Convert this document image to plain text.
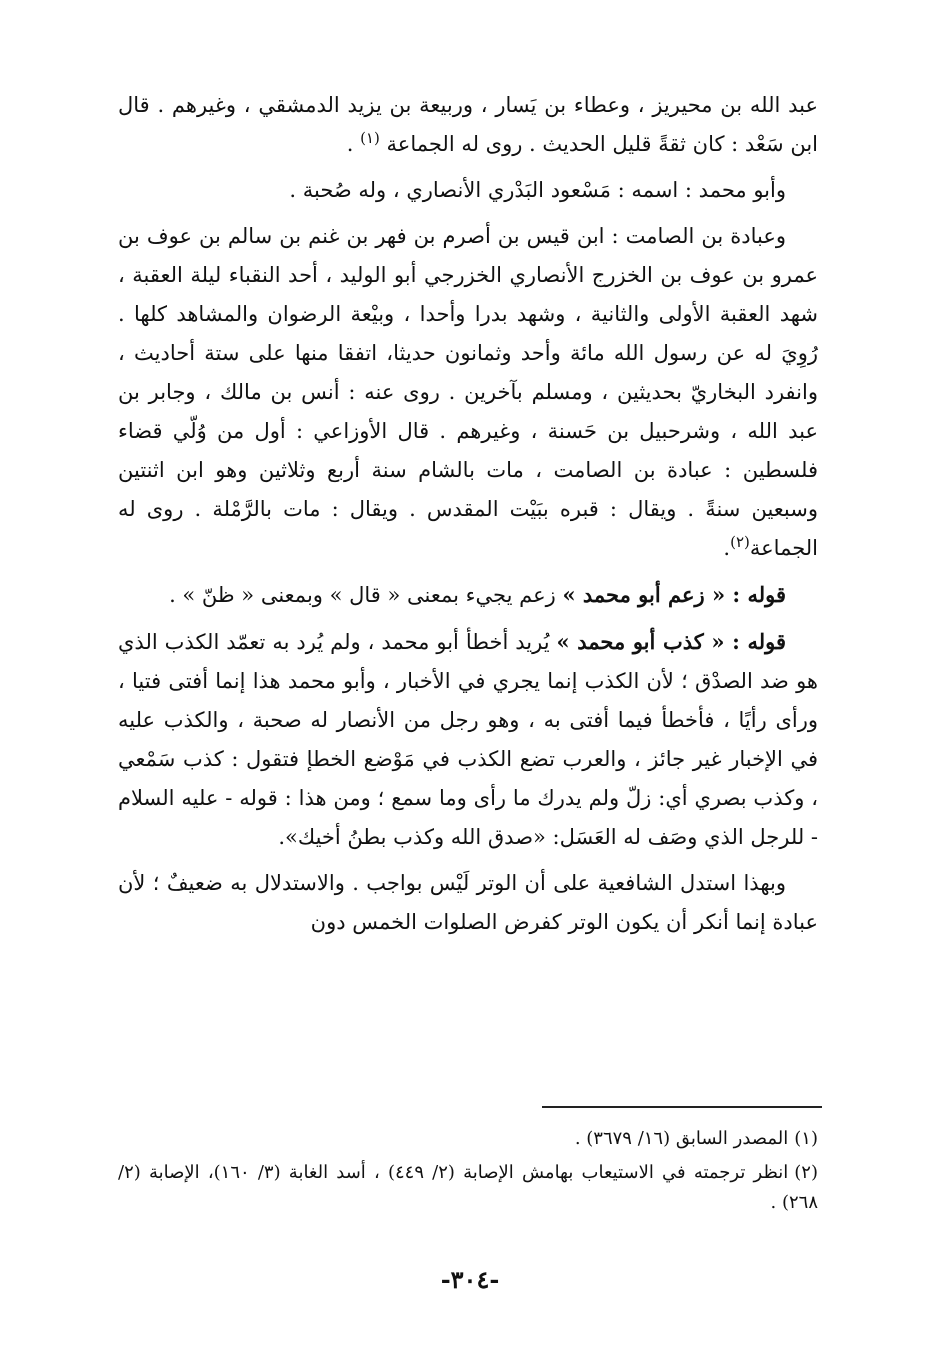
عبد الله بن محيريز ، وعطاء بن يَسار ، وربيعة بن يزيد الدمشقي ، وغيرهم . قال ابن سَعْد : كان ثقةً قليل الحديث . روى له الجماعة $^{(١)}$ .

وأبو محمد : اسمه : مَسْعود البَدْري الأنصاري ، وله صُحبة .

وعبادة بن الصامت : ابن قيس بن أصرم بن فهر بن غنم بن سالم بن عوف بن عمرو بن عوف بن الخزرج الأنصاري الخزرجي أبو الوليد ، أحد النقباء ليلة العقبة ، شهد العقبة الأولى والثانية ، وشهد بدرا وأحدا ، وبيْعة الرضوان والمشاهد كلها . رُوِيَ له عن رسول الله مائة وأحد وثمانون حديثا، اتفقا منها على ستة أحاديث ، وانفرد البخاريّ بحديثين ، ومسلم بآخرين . روى عنه : أنس بن مالك ، وجابر بن عبد الله ، وشرحبيل بن حَسنة ، وغيرهم . قال الأوزاعي : أول من وُلّي قضاء فلسطين : عبادة بن الصامت ، مات بالشام سنة أربع وثلاثين وهو ابن اثنتين وسبعين سنةً . ويقال : قبره ببَيْت المقدس . ويقال : مات بالرَّمْلة . روى له الجماعة$^{(٢)}$.

قوله : « زعم أبو محمد » زعم يجيء بمعنى « قال » وبمعنى « ظنّ » .

قوله : « كذب أبو محمد » يُريد أخطأ أبو محمد ، ولم يُرد به تعمّد الكذب الذي هو ضد الصدْق ؛ لأن الكذب إنما يجري في الأخبار ، وأبو محمد هذا إنما أفتى فتيا ، ورأى رأيًا ، فأخطأ فيما أفتى به ، وهو رجل من الأنصار له صحبة ، والكذب عليه في الإخبار غير جائز ، والعرب تضع الكذب في مَوْضع الخطإ فتقول : كذب سَمْعي ، وكذب بصري أي: زلّ ولم يدرك ما رأى وما سمع ؛ ومن هذا : قوله - عليه السلام - للرجل الذي وصَف له العَسَل: «صدق الله وكذب بطنُ أخيك».

وبهذا استدل الشافعية على أن الوتر لَيْس بواجب . والاستدلال به ضعيفٌ ؛ لأن عبادة إنما أنكر أن يكون الوتر كفرض الصلوات الخمس دون

(١)المصدر السابق (١٦/ ٣٦٧٩) .

(٢)انظر ترجمته في الاستيعاب بهامش الإصابة (٢/ ٤٤٩) ، أسد الغابة (٣/ ١٦٠)، الإصابة (٢/ ٢٦٨) .

-٣٠٤-
